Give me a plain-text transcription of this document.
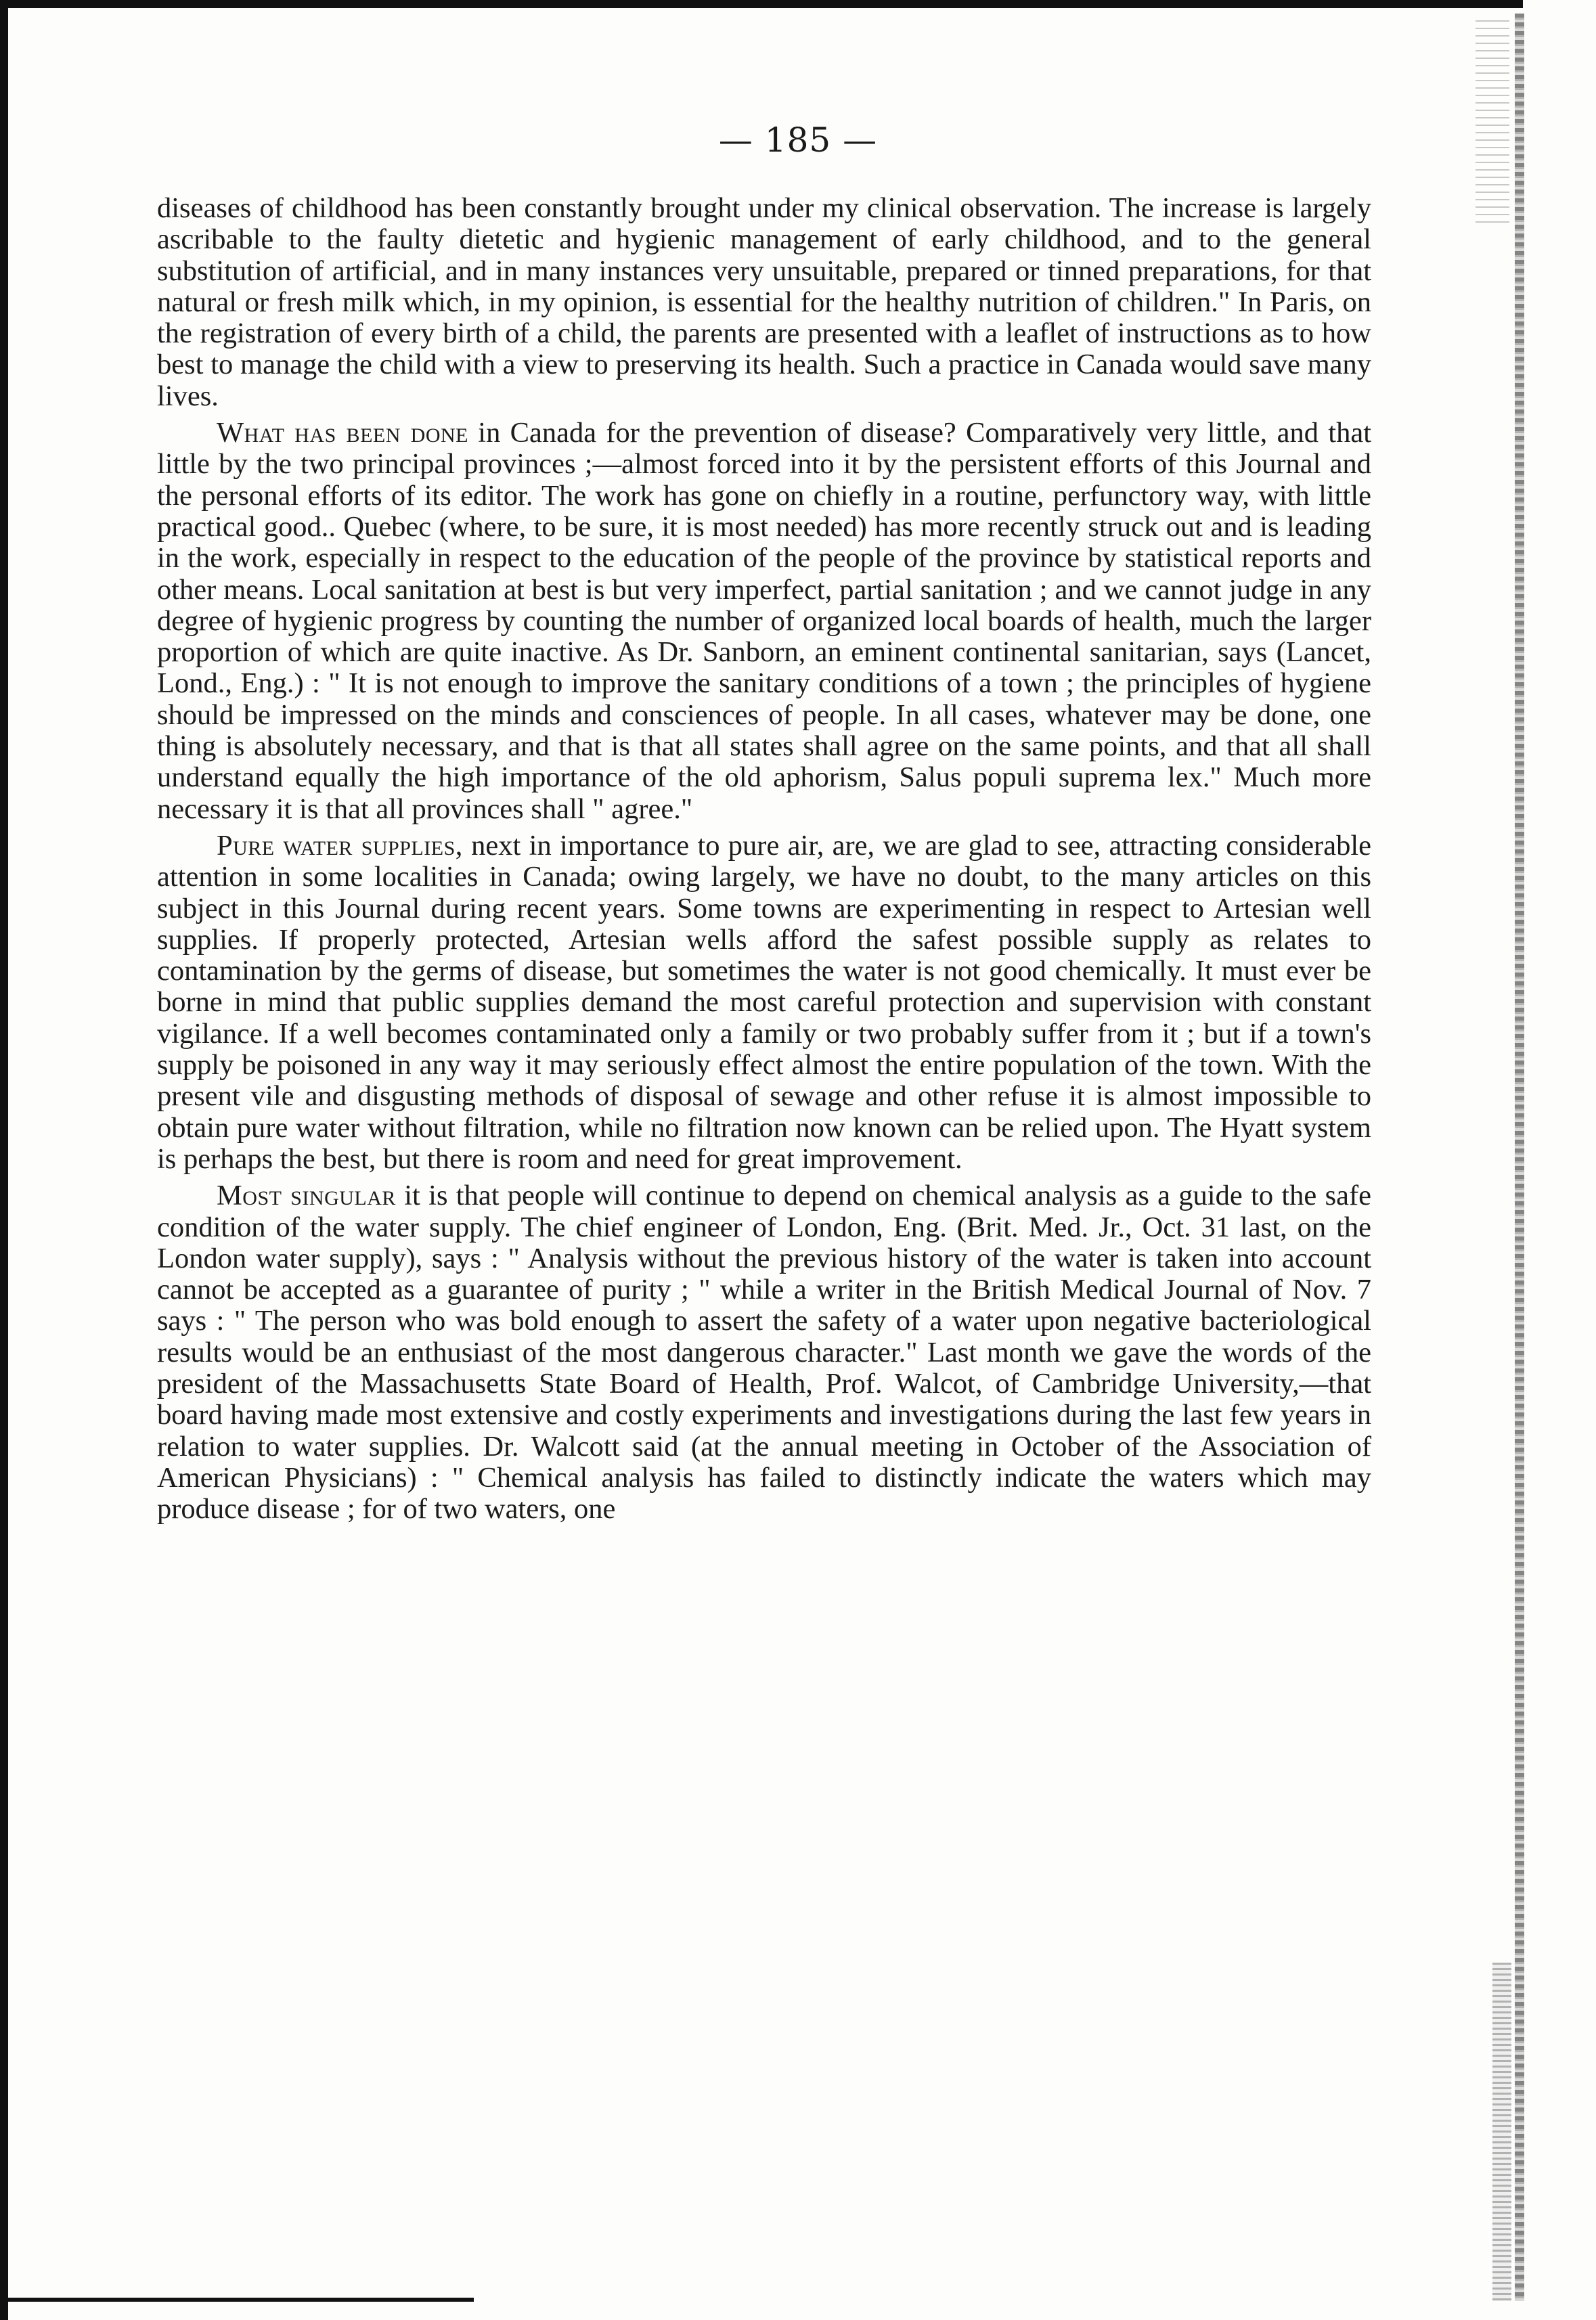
— 185 —

diseases of childhood has been constantly brought under my clinical observation. The increase is largely ascribable to the faulty dietetic and hygienic management of early childhood, and to the general substitution of artificial, and in many instances very unsuitable, prepared or tinned preparations, for that natural or fresh milk which, in my opinion, is essential for the healthy nutrition of children." In Paris, on the registration of every birth of a child, the parents are presented with a leaflet of instructions as to how best to manage the child with a view to preserving its health. Such a practice in Canada would save many lives.

What has been done in Canada for the prevention of disease? Comparatively very little, and that little by the two principal provinces ;—almost forced into it by the persistent efforts of this Journal and the personal efforts of its editor. The work has gone on chiefly in a routine, perfunctory way, with little practical good.. Quebec (where, to be sure, it is most needed) has more recently struck out and is leading in the work, especially in respect to the education of the people of the province by statistical reports and other means. Local sanitation at best is but very imperfect, partial sanitation ; and we cannot judge in any degree of hygienic progress by counting the number of organized local boards of health, much the larger proportion of which are quite inactive. As Dr. Sanborn, an eminent continental sanitarian, says (Lancet, Lond., Eng.) : " It is not enough to improve the sanitary conditions of a town ; the principles of hygiene should be impressed on the minds and consciences of people. In all cases, whatever may be done, one thing is absolutely necessary, and that is that all states shall agree on the same points, and that all shall understand equally the high importance of the old aphorism, Salus populi suprema lex." Much more necessary it is that all provinces shall " agree."

Pure water supplies, next in importance to pure air, are, we are glad to see, attracting considerable attention in some localities in Canada; owing largely, we have no doubt, to the many articles on this subject in this Journal during recent years. Some towns are experimenting in respect to Artesian well supplies. If properly protected, Artesian wells afford the safest possible supply as relates to contamination by the germs of disease, but sometimes the water is not good chemically. It must ever be borne in mind that public supplies demand the most careful protection and supervision with constant vigilance. If a well becomes contaminated only a family or two probably suffer from it ; but if a town's supply be poisoned in any way it may seriously effect almost the entire population of the town. With the present vile and disgusting methods of disposal of sewage and other refuse it is almost impossible to obtain pure water without filtration, while no filtration now known can be relied upon. The Hyatt system is perhaps the best, but there is room and need for great improvement.

Most singular it is that people will continue to depend on chemical analysis as a guide to the safe condition of the water supply. The chief engineer of London, Eng. (Brit. Med. Jr., Oct. 31 last, on the London water supply), says : " Analysis without the previous history of the water is taken into account cannot be accepted as a guarantee of purity ; " while a writer in the British Medical Journal of Nov. 7 says : " The person who was bold enough to assert the safety of a water upon negative bacteriological results would be an enthusiast of the most dangerous character." Last month we gave the words of the president of the Massachusetts State Board of Health, Prof. Walcot, of Cambridge University,—that board having made most extensive and costly experiments and investigations during the last few years in relation to water supplies. Dr. Walcott said (at the annual meeting in October of the Association of American Physicians) : " Chemical analysis has failed to distinctly indicate the waters which may produce disease ; for of two waters, one
